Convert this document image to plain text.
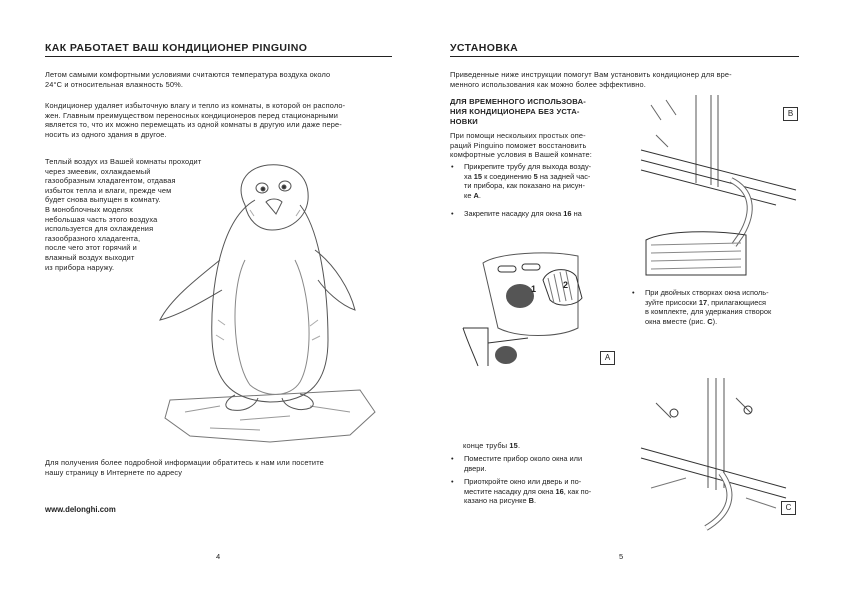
КАК РАБОТАЕТ ВАШ КОНДИЦИОНЕР PINGUINO
Летом самыми комфортными условиями считаются температура воздуха около
24°С и относительная влажность 50%.
Кондиционер удаляет избыточную влагу и тепло из комнаты, в которой он располо-
жен. Главным преимуществом переносных кондиционеров перед стационарными
является то, что их можно перемещать из одной комнаты в другую или даже пере-
носить из одного здания в другое.
Теплый воздух из Вашей комнаты проходит
через змеевик, охлаждаемый
газообразным хладагентом, отдавая
избыток тепла и влаги, прежде чем
будет снова выпущен в комнату.
В моноблочных моделях
небольшая часть этого воздуха
используется для охлаждения
газообразного хладагента,
после чего этот горячий и
влажный воздух выходит
из прибора наружу.
Для получения более подробной информации обратитесь к нам или посетите
нашу страницу в Интернете по адресу
www.delonghi.com
4
УСТАНОВКА
Приведенные ниже инструкции помогут Вам установить кондиционер для вре-
менного использования как можно более эффективно.
ДЛЯ ВРЕМЕННОГО ИСПОЛЬЗОВА-
НИЯ КОНДИЦИОНЕРА БЕЗ УСТА-
НОВКИ
При помощи нескольких простых опе-
раций Pinguino поможет восстановить
комфортные условия в Вашей комнате:
• Прикрепите трубу для выхода возду-
ха 15 к соединению 5 на задней час-
ти прибора, как показано на рисун-
ке A.
• Закрепите насадку для окна 16 на
1	2
A
B
• При двойных створках окна исполь-
зуйте присоски 17, прилагающиеся
в комплекте, для удержания створок
окна вместе (рис. C).
C
конце трубы 15.
• Поместите прибор около окна или
двери.
• Приоткройте окно или дверь и по-
местите насадку для окна 16, как по-
казано на рисунке B.
5
